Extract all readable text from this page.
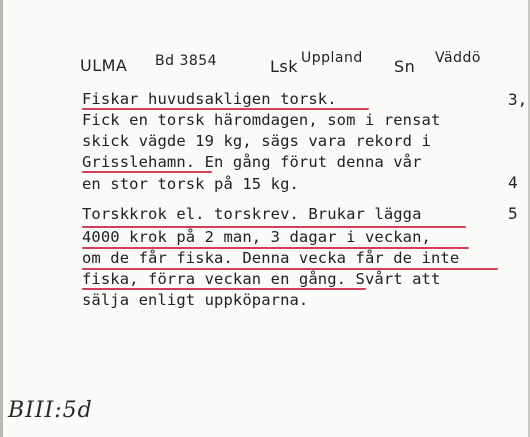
ULMA Bd 3854	Lsk Uppland Sn Väddö
Fiskar huvudsakligen torsk.	3,
Fick en torsk häromdagen, som i rensat
skick vägde 19 kg, sägs vara rekord i
Grisslehamn. En gång förut denna vår
en stor torsk på 15 kg.	4
5
Torskkrok el. torskrev. Brukar lägga
4000 krok på 2 man, 3 dagar i veckan,
om de får fiska. Denna vecka får de inte
fiska, förra veckan en gång. Svårt att
sälja enligt uppköparna.
BIII:5d
